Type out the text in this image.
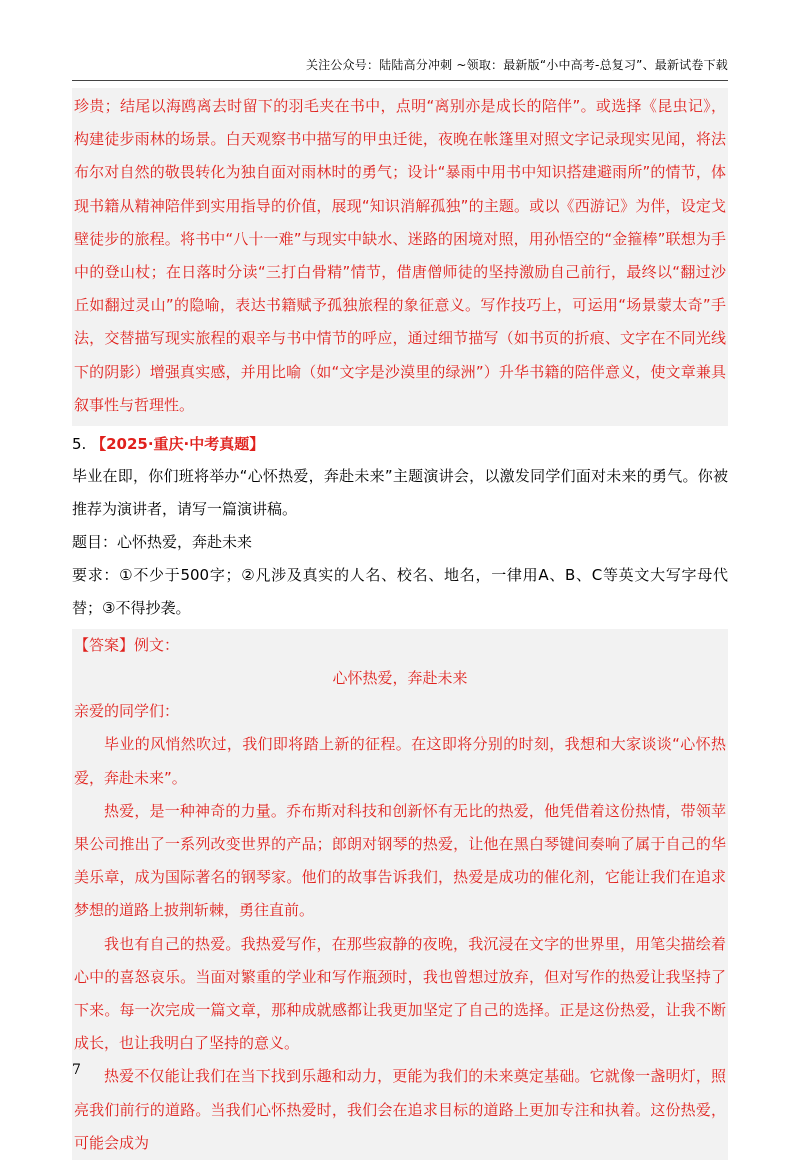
关注公众号：陆陆高分冲刺 ~领取：最新版“小中高考-总复习”、最新试卷下载
珍贵；结尾以海鸥离去时留下的羽毛夹在书中，点明“离别亦是成长的陪伴”。或选择《昆虫记》，构建徒步雨林的场景。白天观察书中描写的甲虫迁徙，夜晚在帐篷里对照文字记录现实见闻，将法布尔对自然的敬畏转化为独自面对雨林时的勇气；设计“暴雨中用书中知识搭建避雨所”的情节，体现书籍从精神陪伴到实用指导的价值，展现“知识消解孤独”的主题。或以《西游记》为伴，设定戈壁徒步的旅程。将书中“八十一难”与现实中缺水、迷路的困境对照，用孙悟空的“金箍棒”联想为手中的登山杖；在日落时分读“三打白骨精”情节，借唐僧师徒的坚持激励自己前行，最终以“翻过沙丘如翻过灵山”的隐喻，表达书籍赋予孤独旅程的象征意义。写作技巧上，可运用“场景蒙太奇”手法，交替描写现实旅程的艰辛与书中情节的呼应，通过细节描写（如书页的折痕、文字在不同光线下的阴影）增强真实感，并用比喻（如“文字是沙漠里的绿洲”）升华书籍的陪伴意义，使文章兼具叙事性与哲理性。
5. 【2025·重庆·中考真题】

毕业在即，你们班将举办“心怀热爱，奔赴未来”主题演讲会，以激发同学们面对未来的勇气。你被推荐为演讲者，请写一篇演讲稿。

题目：心怀热爱，奔赴未来

要求：①不少于500字；②凡涉及真实的人名、校名、地名，一律用A、B、C等英文大写字母代替；③不得抄袭。

【答案】例文：

心怀热爱，奔赴未来

亲爱的同学们：

毕业的风悄然吹过，我们即将踏上新的征程。在这即将分别的时刻，我想和大家谈谈“心怀热爱，奔赴未来”。

热爱，是一种神奇的力量。乔布斯对科技和创新怀有无比的热爱，他凭借着这份热情，带领苹果公司推出了一系列改变世界的产品；郎朗对钢琴的热爱，让他在黑白琴键间奏响了属于自己的华美乐章，成为国际著名的钢琴家。他们的故事告诉我们，热爱是成功的催化剂，它能让我们在追求梦想的道路上披荆斩棘，勇往直前。

我也有自己的热爱。我热爱写作，在那些寂静的夜晚，我沉浸在文字的世界里，用笔尖描绘着心中的喜怒哀乐。当面对繁重的学业和写作瓶颈时，我也曾想过放弃，但对写作的热爱让我坚持了下来。每一次完成一篇文章，那种成就感都让我更加坚定了自己的选择。正是这份热爱，让我不断成长，也让我明白了坚持的意义。

热爱不仅能让我们在当下找到乐趣和动力，更能为我们的未来奠定基础。它就像一盏明灯，照亮我们前行的道路。当我们心怀热爱时，我们会在追求目标的道路上更加专注和执着。这份热爱，可能会成为

7
